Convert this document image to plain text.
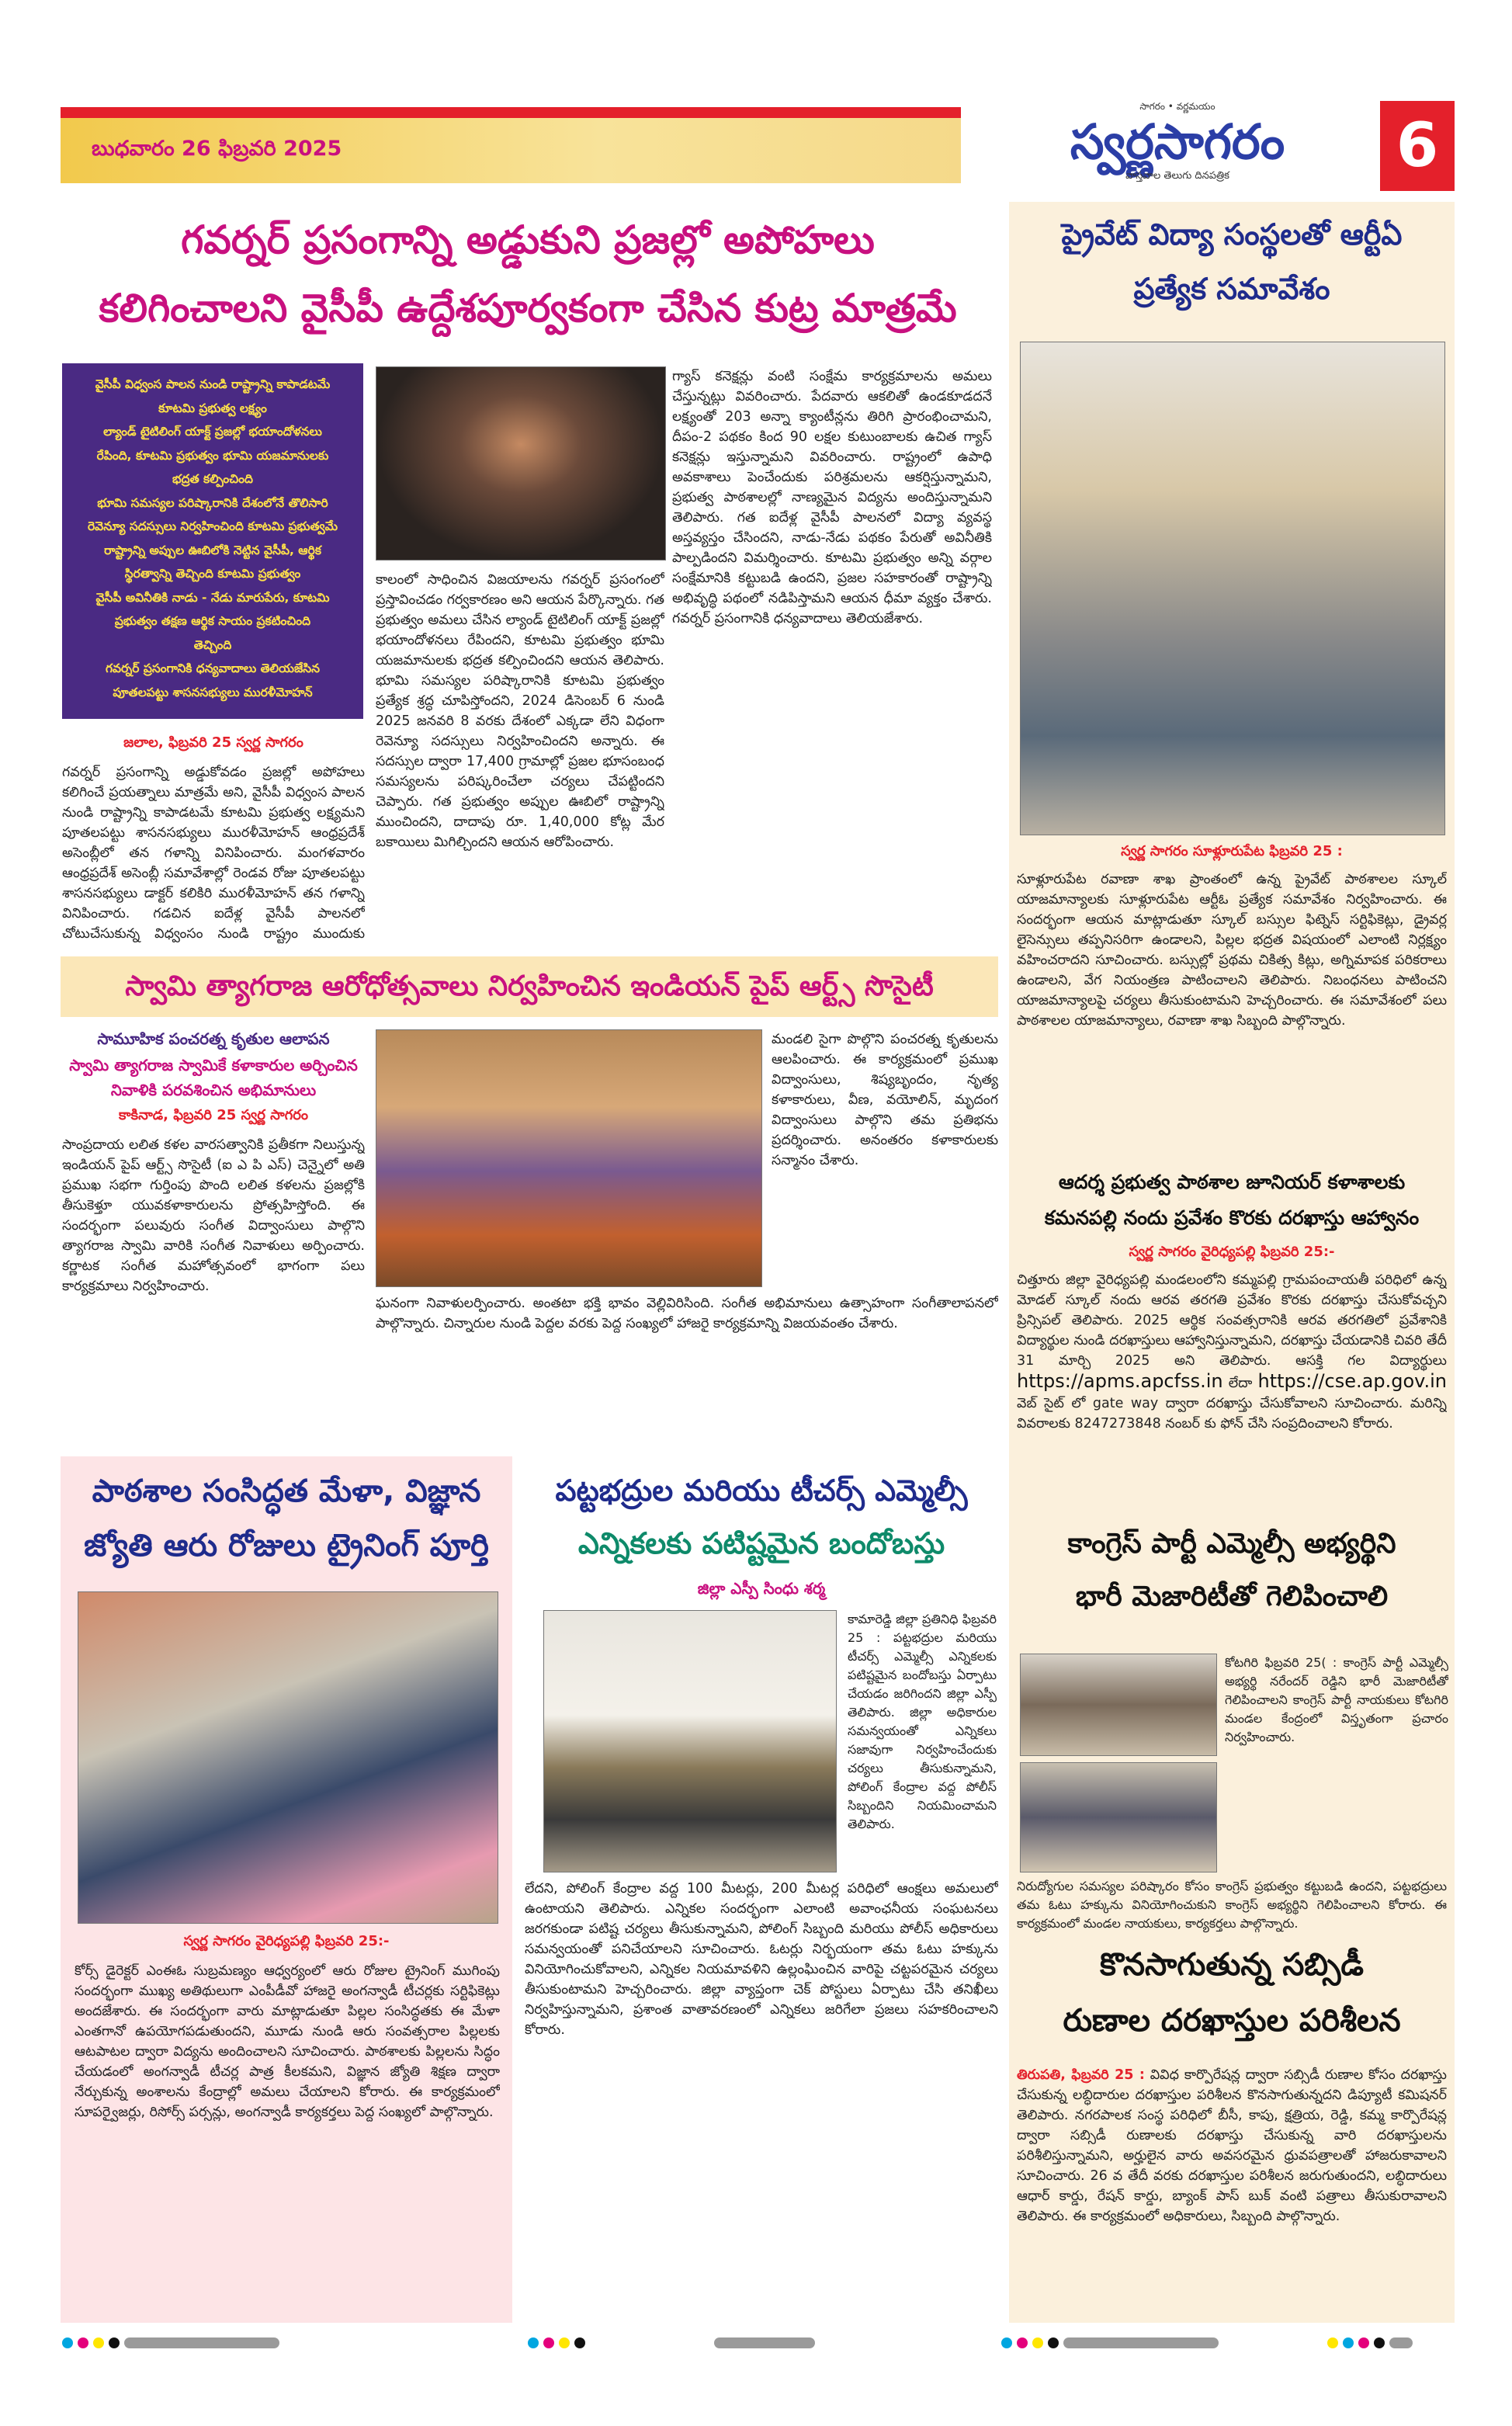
బుధవారం 26 ఫిబ్రవరి 2025
సాగరం • వర్ణమయం
స్వర్ణసాగరం
వాస్తవాల తెలుగు దినపత్రిక	6
గవర్నర్ ప్రసంగాన్ని అడ్డుకుని ప్రజల్లో అపోహలు
కలిగించాలని వైసీపీ ఉద్దేశపూర్వకంగా చేసిన కుట్ర మాత్రమే
వైసీపీ విధ్వంస పాలన నుండి రాష్ట్రాన్ని కాపాడటమే
కూటమి ప్రభుత్వ లక్ష్యం
ల్యాండ్ టైటిలింగ్ యాక్ట్ ప్రజల్లో భయాందోళనలు
రేపింది, కూటమి ప్రభుత్వం భూమి యజమానులకు
భద్రత కల్పించింది
భూమి సమస్యల పరిష్కారానికి దేశంలోనే తొలిసారి
రెవెన్యూ సదస్సులు నిర్వహించింది కూటమి ప్రభుత్వమే
రాష్ట్రాన్ని అప్పుల ఊబిలోకి నెట్టిన వైసీపీ, ఆర్థిక
స్థిరత్వాన్ని తెచ్చింది కూటమి ప్రభుత్వం
వైసీపీ అవినీతికి నాడు - నేడు మారుపేరు, కూటమి
ప్రభుత్వం తక్షణ ఆర్థిక సాయం ప్రకటించింది
తెచ్చింది
గవర్నర్ ప్రసంగానికి ధన్యవాదాలు తెలియజేసిన
పూతలపట్టు శాసనసభ్యులు మురళీమోహన్
జలాల, ఫిబ్రవరి 25 స్వర్ణ సాగరం
గవర్నర్ ప్రసంగాన్ని అడ్డుకోవడం ప్రజల్లో అపోహలు కలిగించే ప్రయత్నాలు మాత్రమే అని, వైసీపీ విధ్వంస పాలన నుండి రాష్ట్రాన్ని కాపాడటమే కూటమి ప్రభుత్వ లక్ష్యమని పూతలపట్టు శాసనసభ్యులు మురళీమోహన్ ఆంధ్రప్రదేశ్ అసెంబ్లీలో తన గళాన్ని వినిపించారు. మంగళవారం ఆంధ్రప్రదేశ్ అసెంబ్లీ సమావేశాల్లో రెండవ రోజు పూతలపట్టు శాసనసభ్యులు డాక్టర్ కలికిరి మురళీమోహన్ తన గళాన్ని వినిపించారు. గడచిన ఐదేళ్ల వైసీపీ పాలనలో చోటుచేసుకున్న విధ్వంసం నుండి రాష్ట్రం ముందుకు
కాలంలో సాధించిన విజయాలను గవర్నర్ ప్రసంగంలో ప్రస్తావించడం గర్వకారణం అని ఆయన పేర్కొన్నారు. గత ప్రభుత్వం అమలు చేసిన ల్యాండ్ టైటిలింగ్ యాక్ట్ ప్రజల్లో భయాందోళనలు రేపిందని, కూటమి ప్రభుత్వం భూమి యజమానులకు భద్రత కల్పించిందని ఆయన తెలిపారు. భూమి సమస్యల పరిష్కారానికి కూటమి ప్రభుత్వం ప్రత్యేక శ్రద్ధ చూపిస్తోందని, 2024 డిసెంబర్ 6 నుండి 2025 జనవరి 8 వరకు దేశంలో ఎక్కడా లేని విధంగా రెవెన్యూ సదస్సులు నిర్వహించిందని అన్నారు. ఈ సదస్సుల ద్వారా 17,400 గ్రామాల్లో ప్రజల భూసంబంధ సమస్యలను పరిష్కరించేలా చర్యలు చేపట్టిందని చెప్పారు. గత ప్రభుత్వం అప్పుల ఊబిలో రాష్ట్రాన్ని ముంచిందని, దాదాపు రూ. 1,40,000 కోట్ల మేర బకాయిలు మిగిల్చిందని ఆయన ఆరోపించారు.
గ్యాస్ కనెక్షన్లు వంటి సంక్షేమ కార్యక్రమాలను అమలు చేస్తున్నట్లు వివరించారు. పేదవారు ఆకలితో ఉండకూడదనే లక్ష్యంతో 203 అన్నా క్యాంటీన్లను తిరిగి ప్రారంభించామని, దీపం-2 పథకం కింద 90 లక్షల కుటుంబాలకు ఉచిత గ్యాస్ కనెక్షన్లు ఇస్తున్నామని వివరించారు. రాష్ట్రంలో ఉపాధి అవకాశాలు పెంచేందుకు పరిశ్రమలను ఆకర్షిస్తున్నామని, ప్రభుత్వ పాఠశాలల్లో నాణ్యమైన విద్యను అందిస్తున్నామని తెలిపారు. గత ఐదేళ్ల వైసీపీ పాలనలో విద్యా వ్యవస్థ అస్తవ్యస్తం చేసిందని, నాడు-నేడు పథకం పేరుతో అవినీతికి పాల్పడిందని విమర్శించారు. కూటమి ప్రభుత్వం అన్ని వర్గాల సంక్షేమానికి కట్టుబడి ఉందని, ప్రజల సహకారంతో రాష్ట్రాన్ని అభివృద్ధి పథంలో నడిపిస్తామని ఆయన ధీమా వ్యక్తం చేశారు. గవర్నర్ ప్రసంగానికి ధన్యవాదాలు తెలియజేశారు.
స్వామి త్యాగరాజ ఆరోధోత్సవాలు నిర్వహించిన ఇండియన్ పైప్ ఆర్ట్స్ సొసైటీ
సామూహిక పంచరత్న కృతుల ఆలాపన
స్వామి త్యాగరాజ స్వామికే కళాకారుల అర్చించిన
నివాళికి పరవశించిన అభిమానులు
కాకినాడ, ఫిబ్రవరి 25 స్వర్ణ సాగరం
సాంప్రదాయ లలిత కళల వారసత్వానికి ప్రతీకగా నిలుస్తున్న ఇండియన్ పైప్ ఆర్ట్స్ సొసైటీ (ఐ ఎ పి ఎస్) చెన్నైలో అతి ప్రముఖ సభగా గుర్తింపు పొంది లలిత కళలను ప్రజల్లోకి తీసుకెళ్తూ యువకళాకారులను ప్రోత్సహిస్తోంది. ఈ సందర్భంగా పలువురు సంగీత విద్వాంసులు పాల్గొని త్యాగరాజ స్వామి వారికి సంగీత నివాళులు అర్పించారు. కర్ణాటక సంగీత మహోత్సవంలో భాగంగా పలు కార్యక్రమాలు నిర్వహించారు.
మండలి సైగా పొల్గొని పంచరత్న కృతులను ఆలపించారు. ఈ కార్యక్రమంలో ప్రముఖ విద్వాంసులు, శిష్యబృందం, నృత్య కళాకారులు, వీణ, వయోలిన్, మృదంగ విద్వాంసులు పాల్గొని తమ ప్రతిభను ప్రదర్శించారు. అనంతరం కళాకారులకు సన్మానం చేశారు.
ఘనంగా నివాళులర్పించారు. అంతటా భక్తి భావం వెల్లివిరిసింది. సంగీత అభిమానులు ఉత్సాహంగా సంగీతాలాపనలో పాల్గొన్నారు. చిన్నారుల నుండి పెద్దల వరకు పెద్ద సంఖ్యలో హాజరై కార్యక్రమాన్ని విజయవంతం చేశారు.
పాఠశాల సంసిద్ధత మేళా, విజ్ఞాన
జ్యోతి ఆరు రోజులు ట్రైనింగ్ పూర్తి
స్వర్ణ సాగరం వైరిధ్యపల్లి ఫిబ్రవరి 25:-
కోర్స్ డైరెక్టర్ ఎంఈఓ సుబ్రమణ్యం ఆధ్వర్యంలో ఆరు రోజుల ట్రైనింగ్ ముగింపు సందర్భంగా ముఖ్య అతిథులుగా ఎంపీడీవో హాజరై అంగన్వాడీ టీచర్లకు సర్టిఫికెట్లు అందజేశారు. ఈ సందర్భంగా వారు మాట్లాడుతూ పిల్లల సంసిద్ధతకు ఈ మేళా ఎంతగానో ఉపయోగపడుతుందని, మూడు నుండి ఆరు సంవత్సరాల పిల్లలకు ఆటపాటల ద్వారా విద్యను అందించాలని సూచించారు. పాఠశాలకు పిల్లలను సిద్ధం చేయడంలో అంగన్వాడీ టీచర్ల పాత్ర కీలకమని, విజ్ఞాన జ్యోతి శిక్షణ ద్వారా నేర్చుకున్న అంశాలను కేంద్రాల్లో అమలు చేయాలని కోరారు. ఈ కార్యక్రమంలో సూపర్వైజర్లు, రిసోర్స్ పర్సన్లు, అంగన్వాడీ కార్యకర్తలు పెద్ద సంఖ్యలో పాల్గొన్నారు.
పట్టభద్రుల మరియు టీచర్స్ ఎమ్మెల్సీ
ఎన్నికలకు పటిష్టమైన బందోబస్తు
జిల్లా ఎస్పీ సింధు శర్మ
కామారెడ్డి జిల్లా ప్రతినిధి ఫిబ్రవరి 25 : పట్టభద్రుల మరియు టీచర్స్ ఎమ్మెల్సీ ఎన్నికలకు పటిష్టమైన బందోబస్తు ఏర్పాటు చేయడం జరిగిందని జిల్లా ఎస్పీ తెలిపారు. జిల్లా అధికారుల సమన్వయంతో ఎన్నికలు సజావుగా నిర్వహించేందుకు చర్యలు తీసుకున్నామని, పోలింగ్ కేంద్రాల వద్ద పోలీస్ సిబ్బందిని నియమించామని తెలిపారు.
లేదని, పోలింగ్ కేంద్రాల వద్ద 100 మీటర్లు, 200 మీటర్ల పరిధిలో ఆంక్షలు అమలులో ఉంటాయని తెలిపారు. ఎన్నికల సందర్భంగా ఎలాంటి అవాంఛనీయ సంఘటనలు జరగకుండా పటిష్ట చర్యలు తీసుకున్నామని, పోలింగ్ సిబ్బంది మరియు పోలీస్ అధికారులు సమన్వయంతో పనిచేయాలని సూచించారు. ఓటర్లు నిర్భయంగా తమ ఓటు హక్కును వినియోగించుకోవాలని, ఎన్నికల నియమావళిని ఉల్లంఘించిన వారిపై చట్టపరమైన చర్యలు తీసుకుంటామని హెచ్చరించారు. జిల్లా వ్యాప్తంగా చెక్ పోస్టులు ఏర్పాటు చేసి తనిఖీలు నిర్వహిస్తున్నామని, ప్రశాంత వాతావరణంలో ఎన్నికలు జరిగేలా ప్రజలు సహకరించాలని కోరారు.
ప్రైవేట్ విద్యా సంస్థలతో ఆర్టీఏ
ప్రత్యేక సమావేశం
స్వర్ణ సాగరం సూళ్లూరుపేట ఫిబ్రవరి 25 :
సూళ్లూరుపేట రవాణా శాఖ ప్రాంతంలో ఉన్న ప్రైవేట్ పాఠశాలల స్కూల్ యాజమాన్యాలకు సూళ్లూరుపేట ఆర్టీఓ ప్రత్యేక సమావేశం నిర్వహించారు. ఈ సందర్భంగా ఆయన మాట్లాడుతూ స్కూల్ బస్సుల ఫిట్నెస్ సర్టిఫికెట్లు, డ్రైవర్ల లైసెన్సులు తప్పనిసరిగా ఉండాలని, పిల్లల భద్రత విషయంలో ఎలాంటి నిర్లక్ష్యం వహించరాదని సూచించారు. బస్సుల్లో ప్రథమ చికిత్స కిట్లు, అగ్నిమాపక పరికరాలు ఉండాలని, వేగ నియంత్రణ పాటించాలని తెలిపారు. నిబంధనలు పాటించని యాజమాన్యాలపై చర్యలు తీసుకుంటామని హెచ్చరించారు. ఈ సమావేశంలో పలు పాఠశాలల యాజమాన్యాలు, రవాణా శాఖ సిబ్బంది పాల్గొన్నారు.
ఆదర్శ ప్రభుత్వ పాఠశాల జూనియర్ కళాశాలకు
కమనపల్లి నందు ప్రవేశం కొరకు దరఖాస్తు ఆహ్వానం
స్వర్ణ సాగరం వైరిధ్యపల్లి ఫిబ్రవరి 25:-
చిత్తూరు జిల్లా వైరిధ్యపల్లి మండలంలోని కమ్మపల్లి గ్రామపంచాయతీ పరిధిలో ఉన్న మోడల్ స్కూల్ నందు ఆరవ తరగతి ప్రవేశం కొరకు దరఖాస్తు చేసుకోవచ్చని ప్రిన్సిపల్ తెలిపారు. 2025 ఆర్థిక సంవత్సరానికి ఆరవ తరగతిలో ప్రవేశానికి విద్యార్థుల నుండి దరఖాస్తులు ఆహ్వానిస్తున్నామని, దరఖాస్తు చేయడానికి చివరి తేదీ 31 మార్చి 2025 అని తెలిపారు. ఆసక్తి గల విద్యార్థులు https://apms.apcfss.in లేదా https://cse.ap.gov.in వెబ్ సైట్ లో gate way ద్వారా దరఖాస్తు చేసుకోవాలని సూచించారు. మరిన్ని వివరాలకు 8247273848 నంబర్ కు ఫోన్ చేసి సంప్రదించాలని కోరారు.
కాంగ్రెస్ పార్టీ ఎమ్మెల్సీ అభ్యర్థిని
భారీ మెజారిటీతో గెలిపించాలి
కోటగిరి ఫిబ్రవరి 25( : కాంగ్రెస్ పార్టీ ఎమ్మెల్సీ అభ్యర్థి నరేందర్ రెడ్డిని భారీ మెజారిటీతో గెలిపించాలని కాంగ్రెస్ పార్టీ నాయకులు కోటగిరి మండల కేంద్రంలో విస్తృతంగా ప్రచారం నిర్వహించారు.
నిరుద్యోగుల సమస్యల పరిష్కారం కోసం కాంగ్రెస్ ప్రభుత్వం కట్టుబడి ఉందని, పట్టభద్రులు తమ ఓటు హక్కును వినియోగించుకుని కాంగ్రెస్ అభ్యర్థిని గెలిపించాలని కోరారు. ఈ కార్యక్రమంలో మండల నాయకులు, కార్యకర్తలు పాల్గొన్నారు.
కొనసాగుతున్న సబ్సిడీ
రుణాల దరఖాస్తుల పరిశీలన
తిరుపతి, ఫిబ్రవరి 25 : వివిధ కార్పొరేషన్ల ద్వారా సబ్సిడీ రుణాల కోసం దరఖాస్తు చేసుకున్న లబ్ధిదారుల దరఖాస్తుల పరిశీలన కొనసాగుతున్నదని డిప్యూటీ కమిషనర్ తెలిపారు. నగరపాలక సంస్థ పరిధిలో బీసీ, కాపు, క్షత్రియ, రెడ్డి, కమ్మ కార్పొరేషన్ల ద్వారా సబ్సిడీ రుణాలకు దరఖాస్తు చేసుకున్న వారి దరఖాస్తులను పరిశీలిస్తున్నామని, అర్హులైన వారు అవసరమైన ధ్రువపత్రాలతో హాజరుకావాలని సూచించారు. 26 వ తేదీ వరకు దరఖాస్తుల పరిశీలన జరుగుతుందని, లబ్ధిదారులు ఆధార్ కార్డు, రేషన్ కార్డు, బ్యాంక్ పాస్ బుక్ వంటి పత్రాలు తీసుకురావాలని తెలిపారు. ఈ కార్యక్రమంలో అధికారులు, సిబ్బంది పాల్గొన్నారు.
